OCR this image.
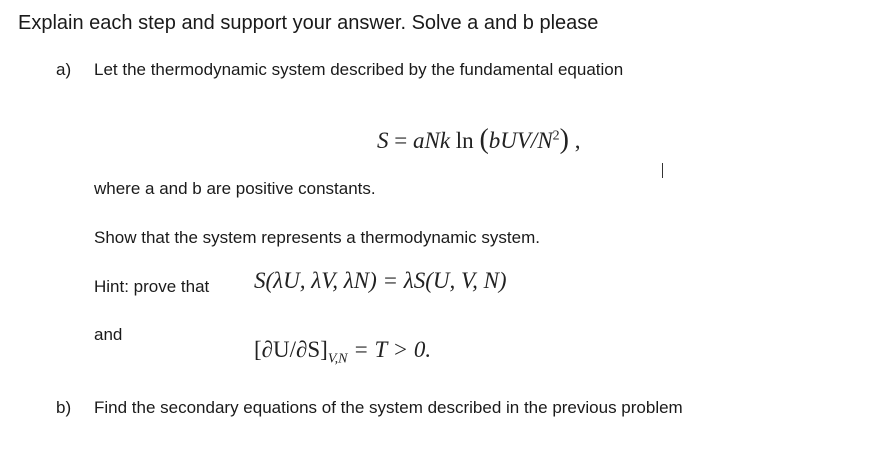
Explain each step and support your answer. Solve a and b please
a) Let the thermodynamic system described by the fundamental equation
S = aNk $\ln (bUV/N^2)$ ,
where a and b are positive constants.
Show that the system represents a thermodynamic system.
Hint: prove that S(λU, λV, λN) = λS(U, V, N)
and
$[\partial U/\partial S]_{V,N} = T > 0$.
b) Find the secondary equations of the system described in the previous problem
